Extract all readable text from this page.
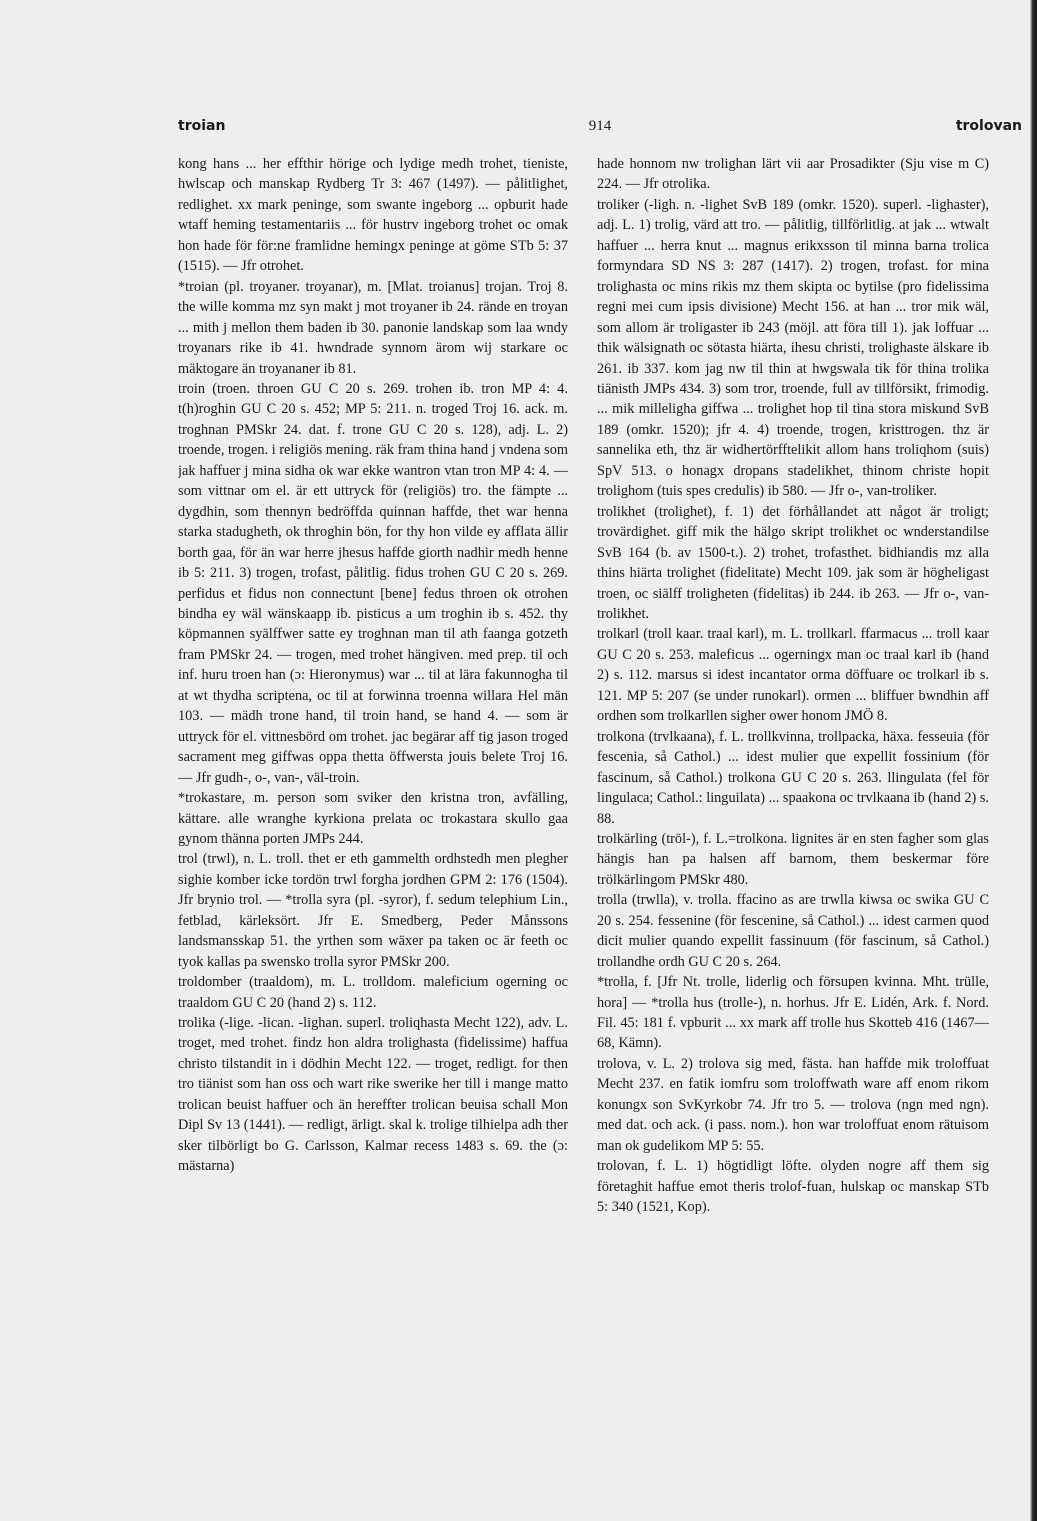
troian	914	trolovan

kong hans ... her effthir hörige och lydige medh trohet, tieniste, hwlscap och manskap Rydberg Tr 3: 467 (1497). — pålitlighet, redlighet. xx mark peninge, som swante ingeborg ... opburit hade wtaff heming testamentariis ... för hustrv ingeborg trohet oc omak hon hade för för:ne framlidne hemingx peninge at göme STb 5: 37 (1515). — Jfr otrohet.

*troian (pl. troyaner. troyanar), m. [Mlat. troianus] trojan. Troj 8. the wille komma mz syn makt j mot troyaner ib 24. rände en troyan ... mith j mellon them baden ib 30. panonie landskap som laa wndy troyanars rike ib 41. hwndrade synnom ärom wij starkare oc mäktogare än troyananer ib 81.

troin (troen. throen GU C 20 s. 269. trohen ib. tron MP 4: 4. t(h)roghin GU C 20 s. 452; MP 5: 211. n. troged Troj 16. ack. m. troghnan PMSkr 24. dat. f. trone GU C 20 s. 128), adj. L. 2) troende, trogen. i religiös mening. räk fram thina hand j vndena som jak haffuer j mina sidha ok war ekke wantron vtan tron MP 4: 4. — som vittnar om el. är ett uttryck för (religiös) tro. the fämpte ... dygdhin, som thennyn bedröffda quinnan haffde, thet war henna starka stadugheth, ok throghin bön, for thy hon vilde ey afflata ällir borth gaa, för än war herre jhesus haffde giorth nadhir medh henne ib 5: 211. 3) trogen, trofast, pålitlig. fidus trohen GU C 20 s. 269. perfidus et fidus non connectunt [bene] fedus throen ok otrohen bindha ey wäl wänskaapp ib. pisticus a um troghin ib s. 452. thy köpmannen syälffwer satte ey troghnan man til ath faanga gotzeth fram PMSkr 24. — trogen, med trohet hängiven. med prep. til och inf. huru troen han (ɔ: Hieronymus) war ... til at lära fakunnogha til at wt thydha scriptena, oc til at forwinna troenna willara Hel män 103. — mädh trone hand, til troin hand, se hand 4. — som är uttryck för el. vittnesbörd om trohet. jac begärar aff tig jason troged sacrament meg giffwas oppa thetta öffwersta jouis belete Troj 16. — Jfr gudh-, o-, van-, väl-troin.

*trokastare, m. person som sviker den kristna tron, avfälling, kättare. alle wranghe kyrkiona prelata oc trokastara skullo gaa gynom thänna porten JMPs 244.

trol (trwl), n. L. troll. thet er eth gammelth ordhstedh men plegher sighie komber icke tordön trwl forgha jordhen GPM 2: 176 (1504). Jfr brynio trol. — *trolla syra (pl. -syror), f. sedum telephium Lin., fetblad, kärleksört. Jfr E. Smedberg, Peder Månssons landsmansskap 51. the yrthen som wäxer pa taken oc är feeth oc tyok kallas pa swensko trolla syror PMSkr 200.

troldomber (traaldom), m. L. trolldom. maleficium ogerning oc traaldom GU C 20 (hand 2) s. 112.

trolika (-lige. -lican. -lighan. superl. troliqhasta Mecht 122), adv. L. troget, med trohet. findz hon aldra trolighasta (fidelissime) haffua christo tilstandit in i dödhin Mecht 122. — troget, redligt. for then tro tiänist som han oss och wart rike swerike her till i mange matto trolican beuist haffuer och än hereffter trolican beuisa schall Mon Dipl Sv 13 (1441). — redligt, ärligt. skal k. trolige tilhielpa adh ther sker tilbörligt bo G. Carlsson, Kalmar recess 1483 s. 69. the (ɔ: mästarna)

hade honnom nw trolighan lärt vii aar Prosadikter (Sju vise m C) 224. — Jfr otrolika.

troliker (-ligh. n. -lighet SvB 189 (omkr. 1520). superl. -lighaster), adj. L. 1) trolig, värd att tro. — pålitlig, tillförlitlig. at jak ... wtwalt haffuer ... herra knut ... magnus erikxsson til minna barna trolica formyndara SD NS 3: 287 (1417). 2) trogen, trofast. for mina trolighasta oc mins rikis mz them skipta oc bytilse (pro fidelissima regni mei cum ipsis divisione) Mecht 156. at han ... tror mik wäl, som allom är troligaster ib 243 (möjl. att föra till 1). jak loffuar ... thik wälsignath oc sötasta hiärta, ihesu christi, trolighaste älskare ib 261. ib 337. kom jag nw til thin at hwgswala tik för thina trolika tiänisth JMPs 434. 3) som tror, troende, full av tillförsikt, frimodig. ... mik milleligha giffwa ... trolighet hop til tina stora miskund SvB 189 (omkr. 1520); jfr 4. 4) troende, trogen, kristtrogen. thz är sannelika eth, thz är widhertörfftelikit allom hans troliqhom (suis) SpV 513. o honagx dropans stadelikhet, thinom christe hopit trolighom (tuis spes credulis) ib 580. — Jfr o-, van-troliker.

trolikhet (trolighet), f. 1) det förhållandet att något är troligt; trovärdighet. giff mik the hälgo skript trolikhet oc wnderstandilse SvB 164 (b. av 1500-t.). 2) trohet, trofasthet. bidhiandis mz alla thins hiärta trolighet (fidelitate) Mecht 109. jak som är högheligast troen, oc siälff troligheten (fidelitas) ib 244. ib 263. — Jfr o-, van-trolikhet.

trolkarl (troll kaar. traal karl), m. L. trollkarl. ffarmacus ... troll kaar GU C 20 s. 253. maleficus ... ogerningx man oc traal karl ib (hand 2) s. 112. marsus si idest incantator orma döffuare oc trolkarl ib s. 121. MP 5: 207 (se under runokarl). ormen ... bliffuer bwndhin aff ordhen som trolkarllen sigher ower honom JMÖ 8.

trolkona (trvlkaana), f. L. trollkvinna, trollpacka, häxa. fesseuia (för fescenia, så Cathol.) ... idest mulier que expellit fossinium (för fascinum, så Cathol.) trolkona GU C 20 s. 263. llingulata (fel för lingulaca; Cathol.: linguilata) ... spaakona oc trvlkaana ib (hand 2) s. 88.

trolkärling (tröl-), f. L.=trolkona. lignites är en sten fagher som glas hängis han pa halsen aff barnom, them beskermar före trölkärlingom PMSkr 480.

trolla (trwlla), v. trolla. ffacino as are trwlla kiwsa oc swika GU C 20 s. 254. fessenine (för fescenine, så Cathol.) ... idest carmen quod dicit mulier quando expellit fassinuum (för fascinum, så Cathol.) trollandhe ordh GU C 20 s. 264.

*trolla, f. [Jfr Nt. trolle, liderlig och försupen kvinna. Mht. trülle, hora] — *trolla hus (trolle-), n. horhus. Jfr E. Lidén, Ark. f. Nord. Fil. 45: 181 f. vpburit ... xx mark aff trolle hus Skotteb 416 (1467—68, Kämn).

trolova, v. L. 2) trolova sig med, fästa. han haffde mik troloffuat Mecht 237. en fatik iomfru som troloffwath ware aff enom rikom konungx son SvKyrkobr 74. Jfr tro 5. — trolova (ngn med ngn). med dat. och ack. (i pass. nom.). hon war troloffuat enom rätuisom man ok gudelikom MP 5: 55.

trolovan, f. L. 1) högtidligt löfte. olyden nogre aff them sig företaghit haffue emot theris trolof-fuan, hulskap oc manskap STb 5: 340 (1521, Kop).
